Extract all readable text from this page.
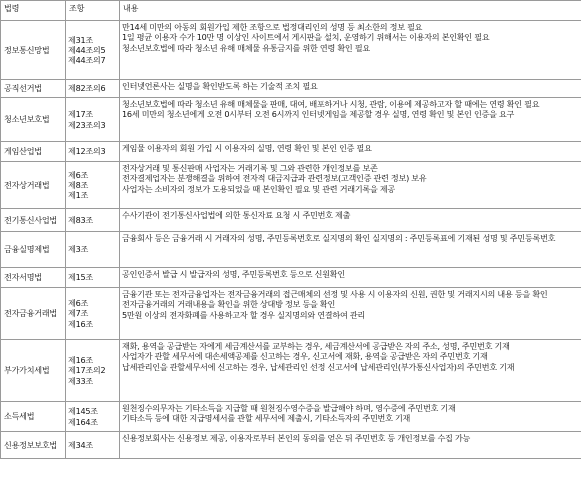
법령	조항	내용
정보통신망법	제31조
제44조의5
제44조의7	만14세 미만의 아동의 회원가입 제한 조항으로 법정대리인의 성명 등 최소한의 정보 필요
1일 평균 이용자 수가 10만 명 이상인 사이트에서 게시판을 설치, 운영하기 위해서는 이용자의 본인확인 필요
청소년보호법에 따라 청소년 유해 매체물 유통금지를 위한 연령 확인 필요

공직선거법	제82조의6	인터넷언론사는 실명을 확인받도록 하는 기술적 조치 필요

청소년보호법	제17조
제23조의3	청소년보호법에 따라 청소년 유해 매체물을 판매, 대여, 배포하거나 시청, 관람, 이용에 제공하고자 할 때에는 연령 확인 필요
16세 미만의 청소년에게 오전 0시부터 오전 6시까지 인터넷게임을 제공할 경우 실명, 연령 확인 및 본인 인증을 요구

게임산업법	제12조의3	게임물 이용자의 회원 가입 시 이용자의 실명, 연령 확인 및 본인 인증 필요

전자상거래법	제6조
제8조
제1조	전자상거래 및 통신판매 사업자는 거래기록 및 그와 관련한 개인정보를 보존
전자결제업자는 분쟁해결을 위하여 전자적 대금지급과 관련정보(고객인증 관련 정보) 보유
사업자는 소비자의 정보가 도용되었을 때 본인확인 필요 및 관련 거래기록을 제공

전기통신사업법	제83조	수사기관이 전기통신사업법에 의한 통신자료 요청 시 주민번호 제출

금융실명제법	제3조	금융회사 등은 금융거래 시 거래자의 성명, 주민등록번호로 실지명의 확인 실지명의 : 주민등록표에 기재된 성명 및 주민등록번호

전자서명법	제15조	공인인증서 발급 시 발급자의 성명, 주민등록번호 등으로 신원확인

전자금융거래법	제6조
제7조
제16조	금융기관 또는 전자금융업자는 전자금융거래의 접근매체의 선정 및 사용 시 이용자의 신원, 권한 및 거래지시의 내용 등을 확인
전자금융거래의 거래내용을 확인을 위한 상대방 정보 등을 확인
5만원 이상의 전자화폐를 사용하고자 할 경우 실지명의와 연결하여 관리

부가가치세법	제16조
제17조의2
제33조	재화, 용역을 공급받는 자에게 세금계산서를 교부하는 경우, 세금계산서에 공급받은 자의 주소, 성명, 주민번호 기재
사업자가 관할 세무서에 대손세액공제를 신고하는 경우, 신고서에 재화, 용역을 공급받은 자의 주민번호 기재
납세관리인을 관할세무서에 신고하는 경우, 납세관리인 선정 신고서에 납세관리인(부가통신사업자)의 주민번호 기재

소득세법	제145조
제164조	원천징수의무자는 기타소득을 지급할 때 원천징수영수증을 발급해야 하며, 영수증에 주민번호 기재
기타소득 등에 대한 지급명세서를 관할 세무서에 제출시, 기타소득자의 주민번호 기재

신용정보보호법	제34조	신용정보회사는 신용정보 제공, 이용자로부터 본인의 동의를 얻은 뒤 주민번호 등 개인정보를 수집 가능
